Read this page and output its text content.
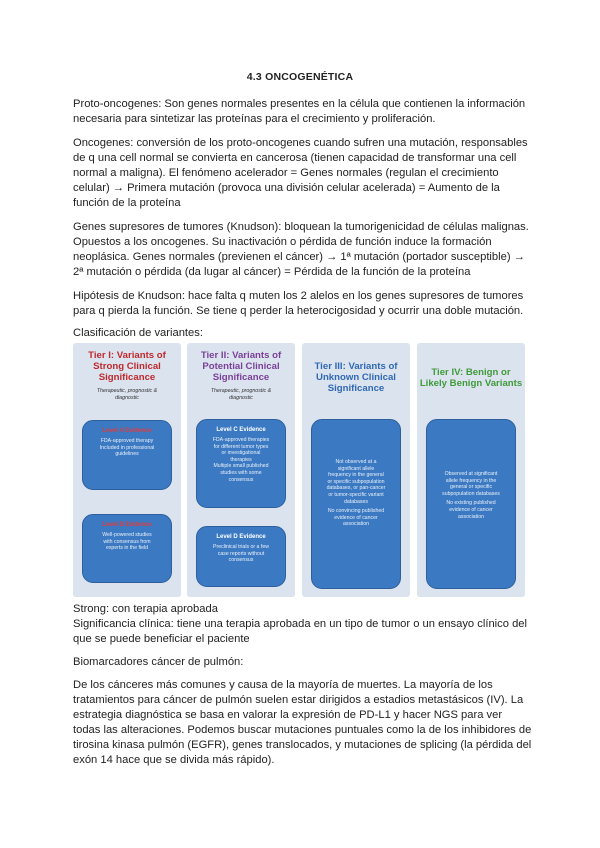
4.3 ONCOGENÉTICA
Proto-oncogenes: Son genes normales presentes en la célula que contienen la información
necesaria para sintetizar las proteínas para el crecimiento y proliferación.
Oncogenes: conversión de los proto-oncogenes cuando sufren una mutación, responsables
de q una cell normal se convierta en cancerosa (tienen capacidad de transformar una cell
normal a maligna). El fenómeno acelerador = Genes normales (regulan el crecimiento
celular) → Primera mutación (provoca una división celular acelerada) = Aumento de la
función de la proteína
Genes supresores de tumores (Knudson): bloquean la tumorigenicidad de células malignas.
Opuestos a los oncogenes. Su inactivación o pérdida de función induce la formación
neoplásica. Genes normales (previenen el cáncer) → 1ª mutación (portador susceptible) →
2ª mutación o pérdida (da lugar al cáncer) = Pérdida de la función de la proteína
Hipótesis de Knudson: hace falta q muten los 2 alelos en los genes supresores de tumores
para q pierda la función. Se tiene q perder la heterocigosidad y ocurrir una doble mutación.
Clasificación de variantes:
Tier I: Variants of
Strong Clinical
Significance
Therapeutic, prognostic &
diagnostic
Level A Evidence
FDA-approved therapy
Included in professional
guidelines
Level B Evidence
Well-powered studies
with consensus from
experts in the field
Tier II: Variants of
Potential Clinical
Significance
Therapeutic, prognostic &
diagnostic
Level C Evidence
FDA-approved therapies
for different tumor types
or investigational
therapies
Multiple small published
studies with some
consensus
Level D Evidence
Preclinical trials or a few
case reports without
consensus
Tier III: Variants of
Unknown Clinical
Significance
Not observed at a
significant allele
frequency in the general
or specific subpopulation
databases, or pan-cancer
or tumor-specific variant
databases
No convincing published
evidence of cancer
association
Tier IV: Benign or
Likely Benign Variants
Observed at significant
allele frequency in the
general or specific
subpopulation databases
No existing published
evidence of cancer
association
Strong: con terapia aprobada
Significancia clínica: tiene una terapia aprobada en un tipo de tumor o un ensayo clínico del
que se puede beneficiar el paciente
Biomarcadores cáncer de pulmón:
De los cánceres más comunes y causa de la mayoría de muertes. La mayoría de los
tratamientos para cáncer de pulmón suelen estar dirigidos a estadios metastásicos (IV). La
estrategia diagnóstica se basa en valorar la expresión de PD-L1 y hacer NGS para ver
todas las alteraciones. Podemos buscar mutaciones puntuales como la de los inhibidores de
tirosina kinasa pulmón (EGFR), genes translocados, y mutaciones de splicing (la pérdida del
exón 14 hace que se divida más rápido).
